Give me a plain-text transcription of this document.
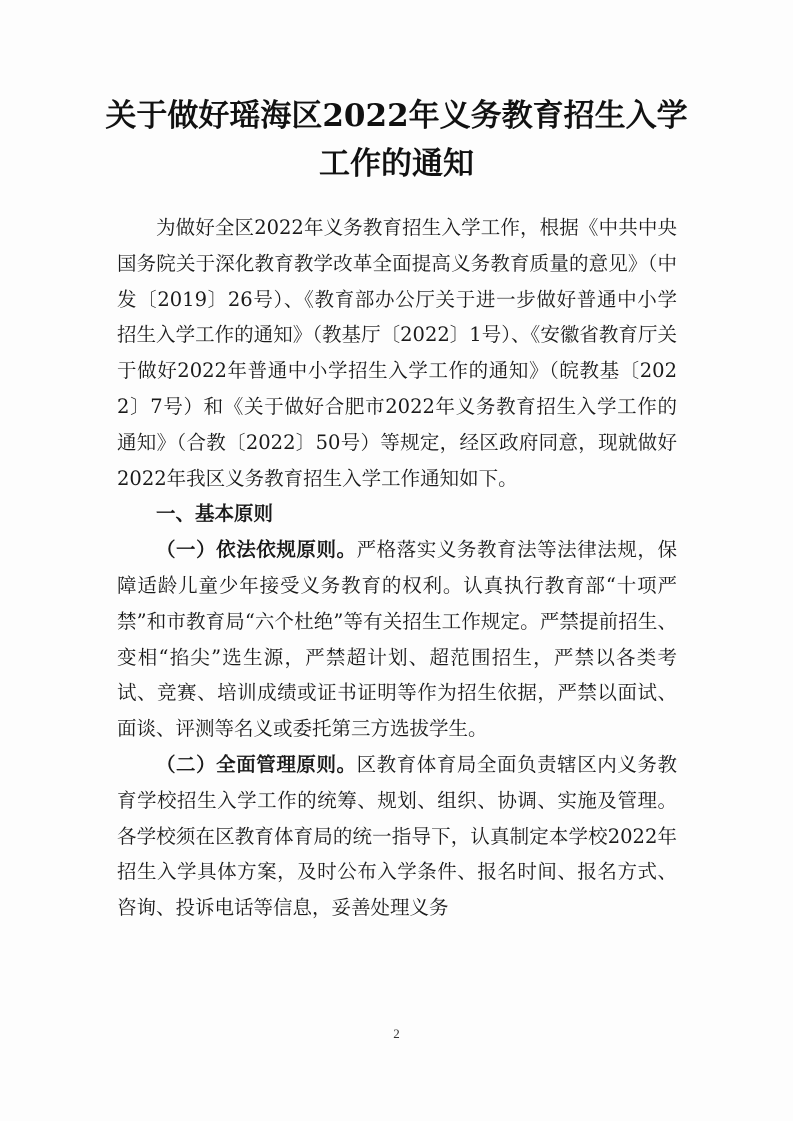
关于做好瑶海区2022年义务教育招生入学
工作的通知

为做好全区2022年义务教育招生入学工作，根据《中共中央国务院关于深化教育教学改革全面提高义务教育质量的意见》（中发〔2019〕26号）、《教育部办公厅关于进一步做好普通中小学招生入学工作的通知》（教基厅〔2022〕1号）、《安徽省教育厅关于做好2022年普通中小学招生入学工作的通知》（皖教基〔2022〕7号）和《关于做好合肥市2022年义务教育招生入学工作的通知》（合教〔2022〕50号）等规定，经区政府同意，现就做好2022年我区义务教育招生入学工作通知如下。

一、基本原则

（一）依法依规原则。严格落实义务教育法等法律法规，保障适龄儿童少年接受义务教育的权利。认真执行教育部“十项严禁”和市教育局“六个杜绝”等有关招生工作规定。严禁提前招生、变相“掐尖”选生源，严禁超计划、超范围招生，严禁以各类考试、竞赛、培训成绩或证书证明等作为招生依据，严禁以面试、面谈、评测等名义或委托第三方选拔学生。

（二）全面管理原则。区教育体育局全面负责辖区内义务教育学校招生入学工作的统筹、规划、组织、协调、实施及管理。各学校须在区教育体育局的统一指导下，认真制定本学校2022年招生入学具体方案，及时公布入学条件、报名时间、报名方式、咨询、投诉电话等信息，妥善处理义务

2
